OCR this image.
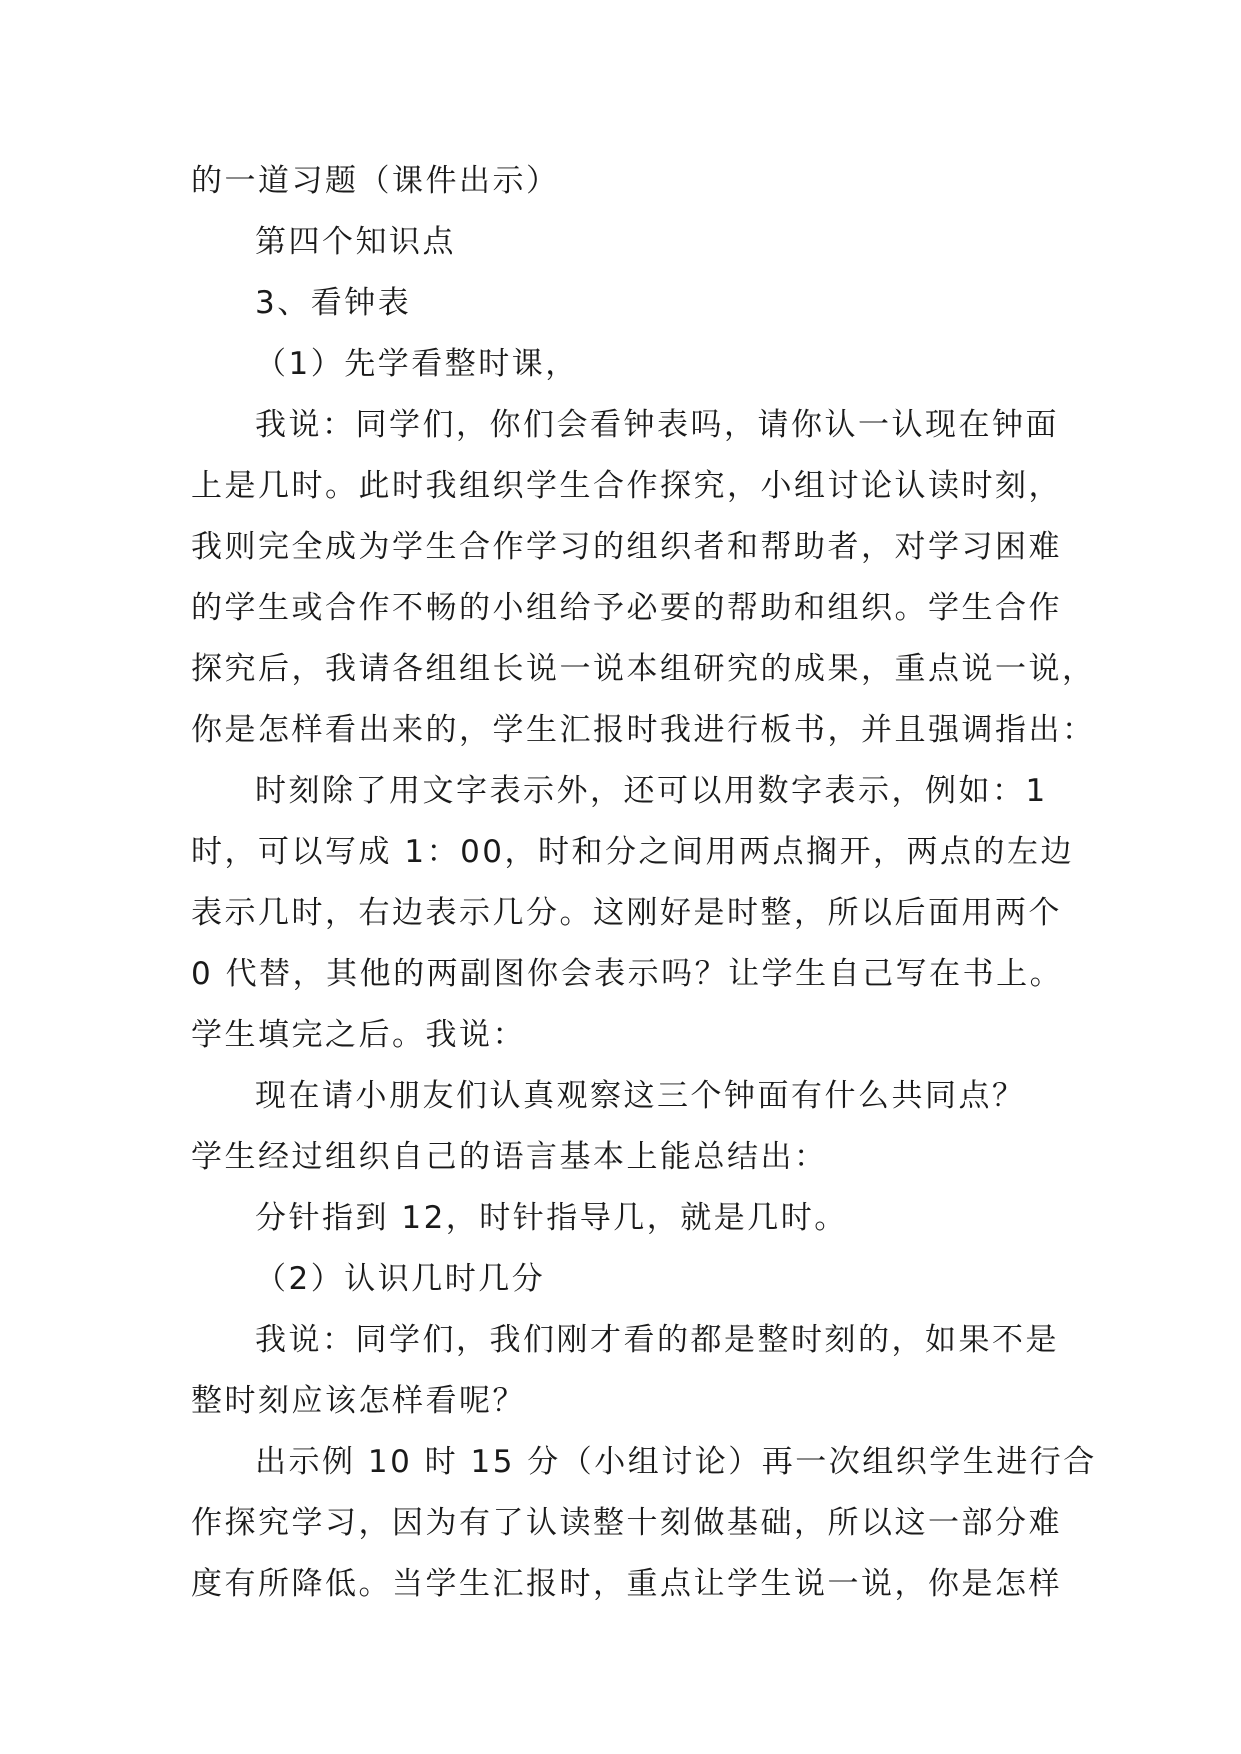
的一道习题（课件出示）
第四个知识点
3、看钟表
（1）先学看整时课，
我说：同学们，你们会看钟表吗，请你认一认现在钟面
上是几时。此时我组织学生合作探究，小组讨论认读时刻，
我则完全成为学生合作学习的组织者和帮助者，对学习困难
的学生或合作不畅的小组给予必要的帮助和组织。学生合作
探究后，我请各组组长说一说本组研究的成果，重点说一说，
你是怎样看出来的，学生汇报时我进行板书，并且强调指出：
时刻除了用文字表示外，还可以用数字表示，例如：1
时，可以写成 1：00，时和分之间用两点搁开，两点的左边
表示几时，右边表示几分。这刚好是时整，所以后面用两个
0 代替，其他的两副图你会表示吗？让学生自己写在书上。
学生填完之后。我说：
现在请小朋友们认真观察这三个钟面有什么共同点？
学生经过组织自己的语言基本上能总结出：
分针指到 12，时针指导几，就是几时。
（2）认识几时几分
我说：同学们，我们刚才看的都是整时刻的，如果不是
整时刻应该怎样看呢？
出示例 10 时 15 分（小组讨论）再一次组织学生进行合
作探究学习，因为有了认读整十刻做基础，所以这一部分难
度有所降低。当学生汇报时，重点让学生说一说，你是怎样
